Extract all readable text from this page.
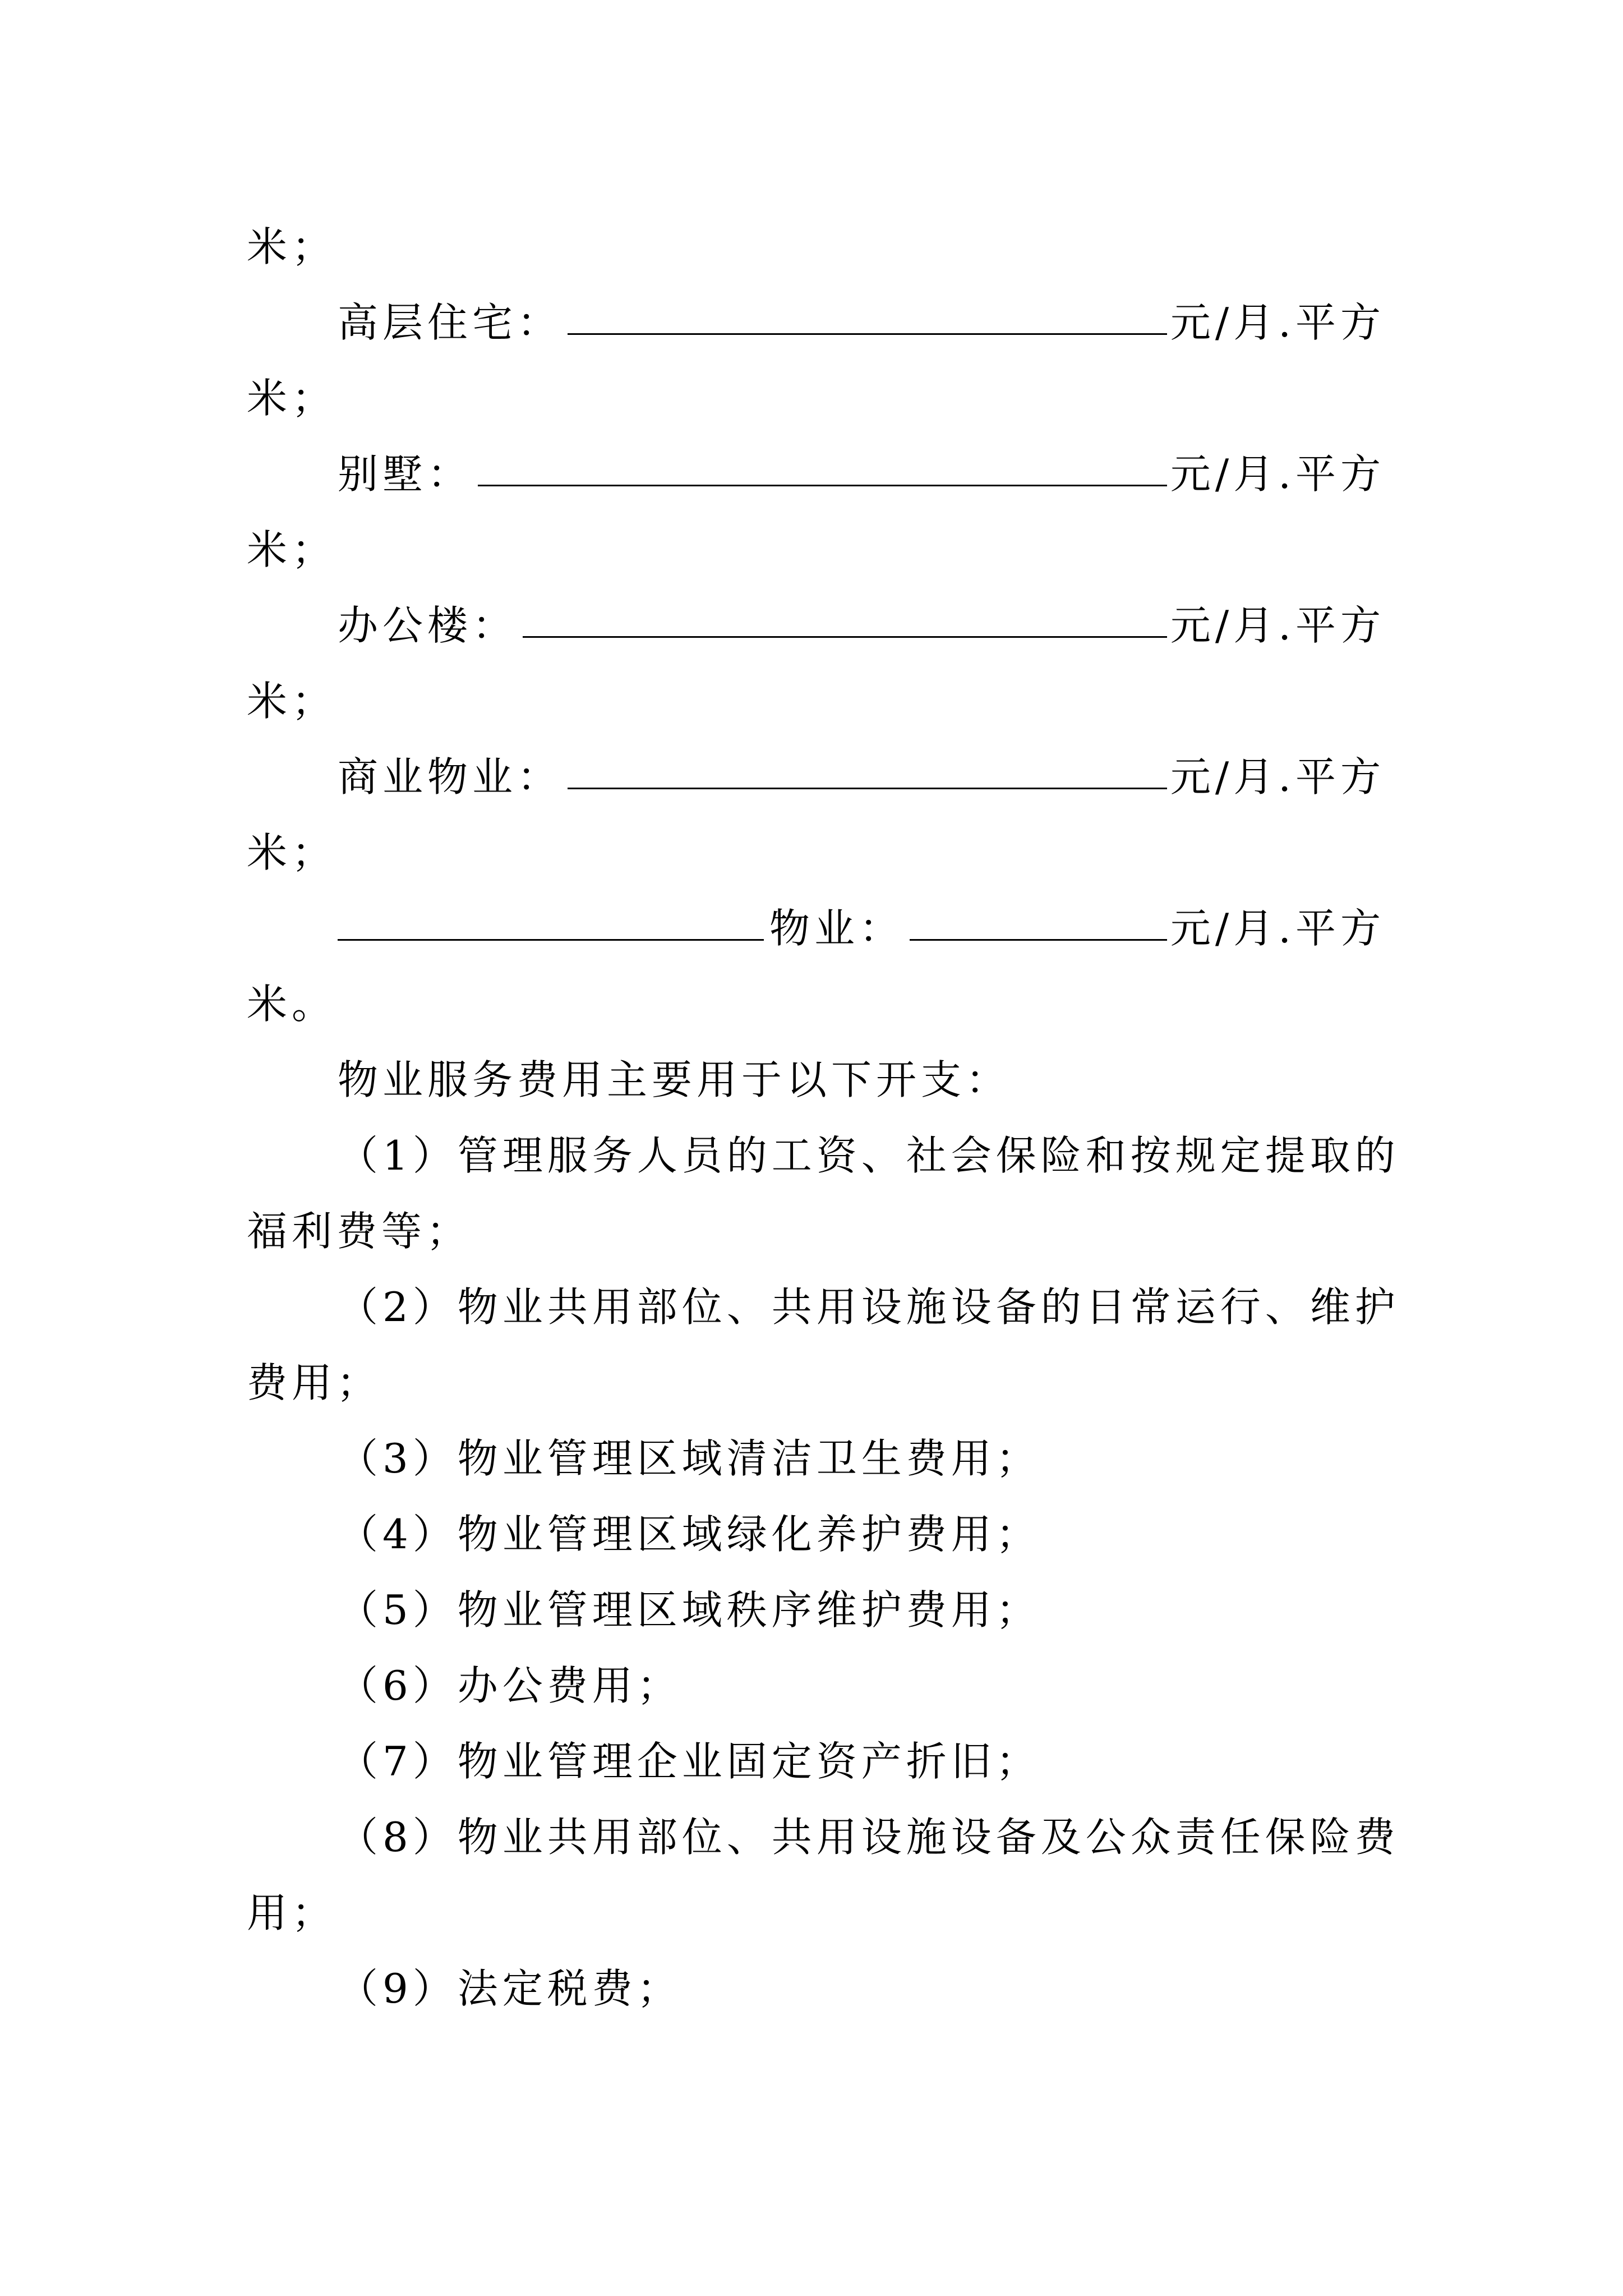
米；
高层住宅：	元/月.平方
米；
别墅：	元/月.平方
米；
办公楼：	元/月.平方
米；
商业物业：	元/月.平方
米；
物业：	元/月.平方
米。
物业服务费用主要用于以下开支：
（1）管理服务人员的工资、社会保险和按规定提取的
福利费等；
（2）物业共用部位、共用设施设备的日常运行、维护
费用；
（3）物业管理区域清洁卫生费用；
（4）物业管理区域绿化养护费用；
（5）物业管理区域秩序维护费用；
（6）办公费用；
（7）物业管理企业固定资产折旧；
（8）物业共用部位、共用设施设备及公众责任保险费
用；
（9）法定税费；
